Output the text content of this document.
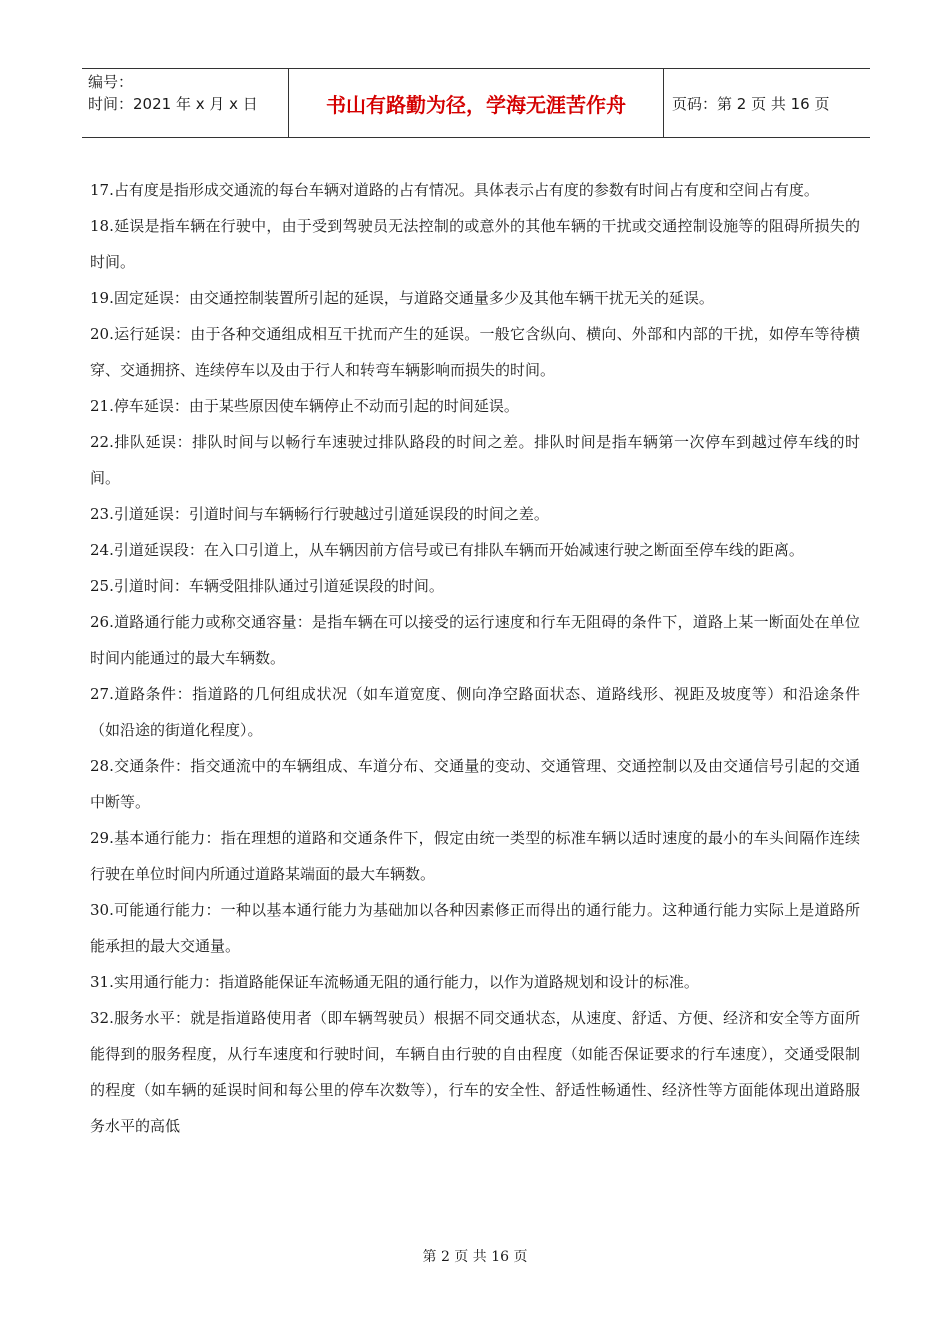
编号：
时间：2021 年 x 月 x 日	书山有路勤为径，学海无涯苦作舟	页码：第 2 页 共 16 页

17.占有度是指形成交通流的每台车辆对道路的占有情况。具体表示占有度的参数有时间占有度和空间占有度。

18.延误是指车辆在行驶中，由于受到驾驶员无法控制的或意外的其他车辆的干扰或交通控制设施等的阻碍所损失的时间。

19.固定延误：由交通控制装置所引起的延误，与道路交通量多少及其他车辆干扰无关的延误。

20.运行延误：由于各种交通组成相互干扰而产生的延误。一般它含纵向、横向、外部和内部的干扰，如停车等待横穿、交通拥挤、连续停车以及由于行人和转弯车辆影响而损失的时间。

21.停车延误：由于某些原因使车辆停止不动而引起的时间延误。

22.排队延误：排队时间与以畅行车速驶过排队路段的时间之差。排队时间是指车辆第一次停车到越过停车线的时间。

23.引道延误：引道时间与车辆畅行行驶越过引道延误段的时间之差。

24.引道延误段：在入口引道上，从车辆因前方信号或已有排队车辆而开始减速行驶之断面至停车线的距离。

25.引道时间：车辆受阻排队通过引道延误段的时间。

26.道路通行能力或称交通容量：是指车辆在可以接受的运行速度和行车无阻碍的条件下，道路上某一断面处在单位时间内能通过的最大车辆数。

27.道路条件：指道路的几何组成状况（如车道宽度、侧向净空路面状态、道路线形、视距及坡度等）和沿途条件（如沿途的街道化程度）。

28.交通条件：指交通流中的车辆组成、车道分布、交通量的变动、交通管理、交通控制以及由交通信号引起的交通中断等。

29.基本通行能力：指在理想的道路和交通条件下，假定由统一类型的标准车辆以适时速度的最小的车头间隔作连续行驶在单位时间内所通过道路某端面的最大车辆数。

30.可能通行能力：一种以基本通行能力为基础加以各种因素修正而得出的通行能力。这种通行能力实际上是道路所能承担的最大交通量。

31.实用通行能力：指道路能保证车流畅通无阻的通行能力，以作为道路规划和设计的标准。

32.服务水平：就是指道路使用者（即车辆驾驶员）根据不同交通状态，从速度、舒适、方便、经济和安全等方面所能得到的服务程度，从行车速度和行驶时间，车辆自由行驶的自由程度（如能否保证要求的行车速度），交通受限制的程度（如车辆的延误时间和每公里的停车次数等），行车的安全性、舒适性畅通性、经济性等方面能体现出道路服务水平的高低

第 2 页 共 16 页
